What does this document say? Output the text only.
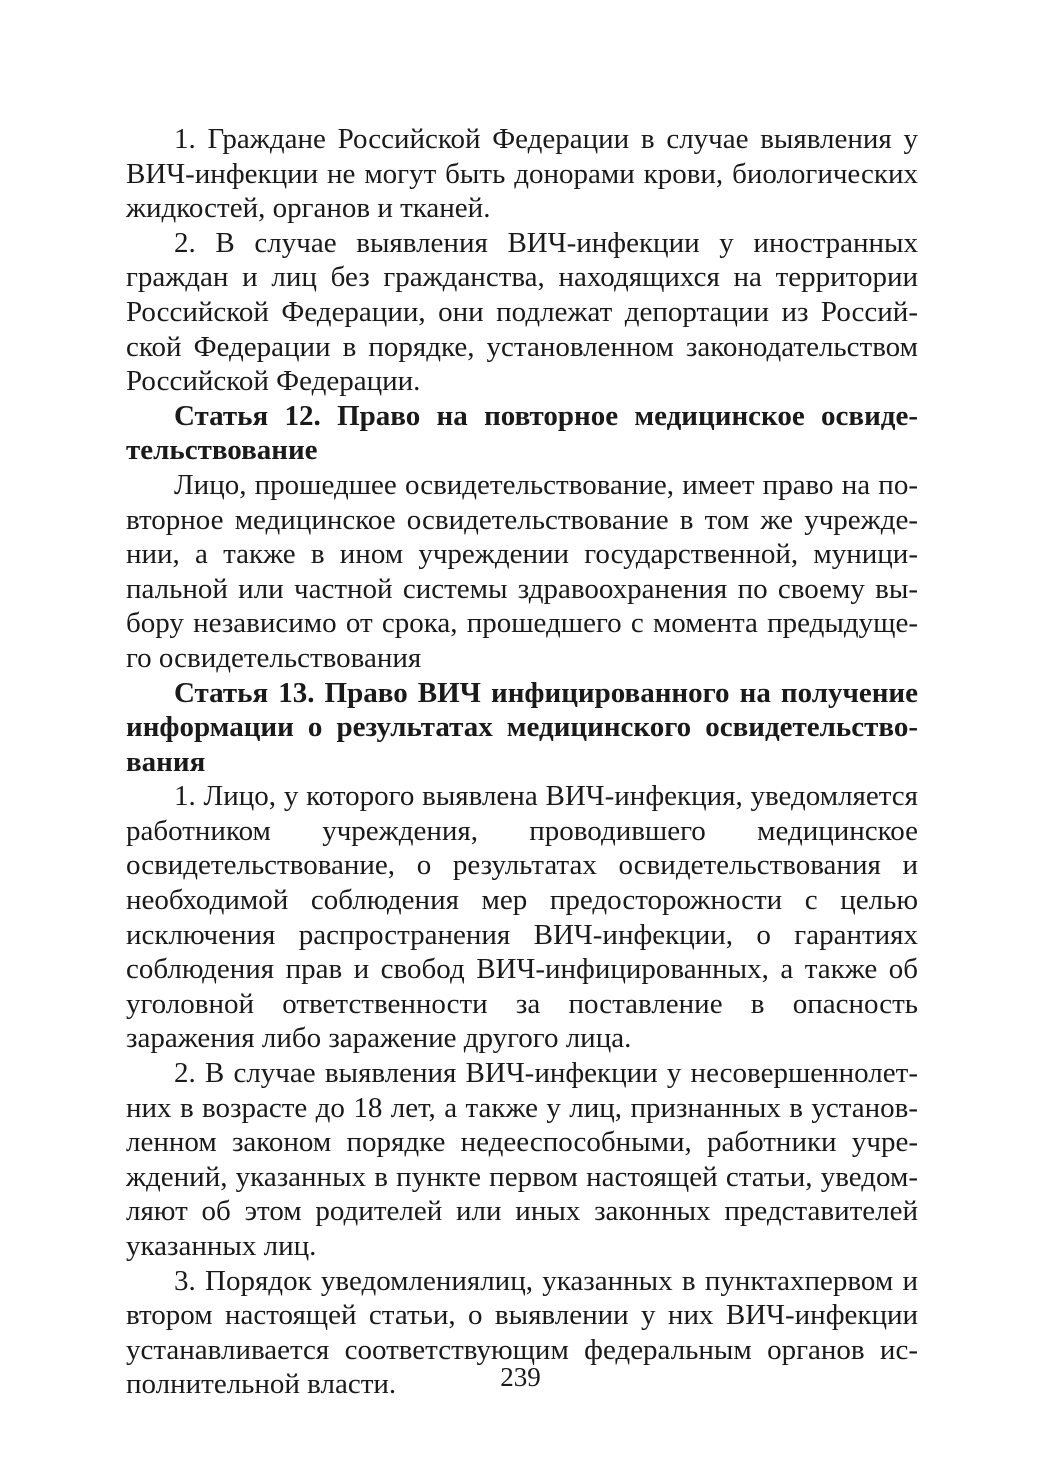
1. Граждане Российской Федерации в случае выявления у ВИЧ-инфекции не могут быть донорами крови, биологических жидкостей, органов и тканей.

2. В случае выявления ВИЧ-инфекции у иностранных граждан и лиц без гражданства, находящихся на территории Российской Федерации, они подлежат депортации из Российской Федерации в порядке, установленном законодательством Российской Федерации.

Статья 12. Право на повторное медицинское освидетельствование

Лицо, прошедшее освидетельствование, имеет право на повторное медицинское освидетельствование в том же учреждении, а также в ином учреждении государственной, муниципальной или частной системы здравоохранения по своему выбору независимо от срока, прошедшего с момента предыдущего освидетельствования

Статья 13. Право ВИЧ инфицированного на получение информации о результатах медицинского освидетельствования

1. Лицо, у которого выявлена ВИЧ-инфекция, уведомляется работником учреждения, проводившего медицинское освидетельствование, о результатах освидетельствования и необходимой соблюдения мер предосторожности с целью исключения распространения ВИЧ-инфекции, о гарантиях соблюдения прав и свобод ВИЧ-инфицированных, а также об уголовной ответственности за поставление в опасность заражения либо заражение другого лица.

2. В случае выявления ВИЧ-инфекции у несовершеннолетних в возрасте до 18 лет, а также у лиц, признанных в установленном законом порядке недееспособными, работники учреждений, указанных в пункте первом настоящей статьи, уведомляют об этом родителей или иных законных представителей указанных лиц.

3. Порядок уведомлениялиц, указанных в пунктахпервом и втором настоящей статьи, о выявлении у них ВИЧ-инфекции устанавливается соответствующим федеральным органов исполнительной власти.	239
